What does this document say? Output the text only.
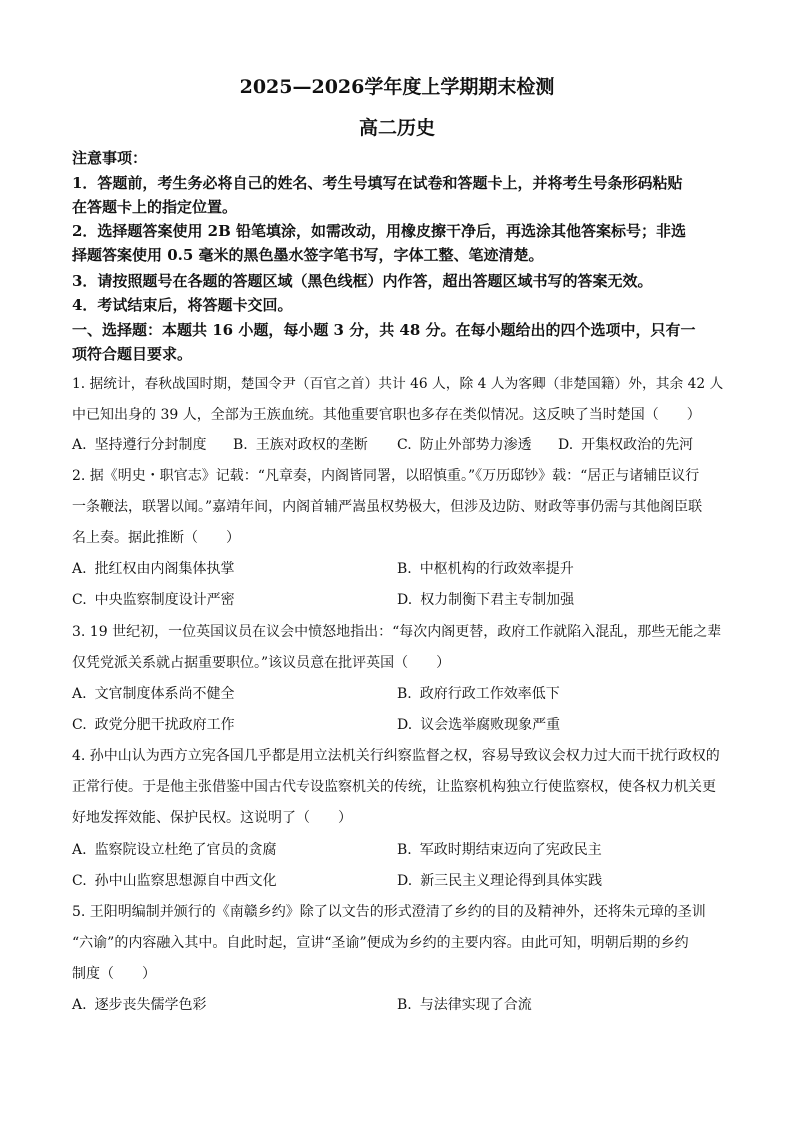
2025—2026学年度上学期期末检测
高二历史
注意事项：
1．答题前，考生务必将自己的姓名、考生号填写在试卷和答题卡上，并将考生号条形码粘贴
在答题卡上的指定位置。
2．选择题答案使用 2B 铅笔填涂，如需改动，用橡皮擦干净后，再选涂其他答案标号；非选
择题答案使用 0.5 毫米的黑色墨水签字笔书写，字体工整、笔迹清楚。
3．请按照题号在各题的答题区域（黑色线框）内作答，超出答题区域书写的答案无效。
4．考试结束后，将答题卡交回。
一、选择题：本题共 16 小题，每小题 3 分，共 48 分。在每小题给出的四个选项中，只有一
项符合题目要求。
1. 据统计，春秋战国时期，楚国令尹（百官之首）共计 46 人，除 4 人为客卿（非楚国籍）外，其余 42 人
中已知出身的 39 人，全部为王族血统。其他重要官职也多存在类似情况。这反映了当时楚国（　　）
A. 坚持遵行分封制度 B. 王族对政权的垄断 C. 防止外部势力渗透 D. 开集权政治的先河
2. 据《明史・职官志》记载：“凡章奏，内阁皆同署，以昭慎重。”《万历邸钞》载：“居正与诸辅臣议行
一条鞭法，联署以闻。”嘉靖年间，内阁首辅严嵩虽权势极大，但涉及边防、财政等事仍需与其他阁臣联
名上奏。据此推断（　　）
A. 批红权由内阁集体执掌	B. 中枢机构的行政效率提升
C. 中央监察制度设计严密	D. 权力制衡下君主专制加强
3. 19 世纪初，一位英国议员在议会中愤怒地指出：“每次内阁更替，政府工作就陷入混乱，那些无能之辈
仅凭党派关系就占据重要职位。”该议员意在批评英国（　　）
A. 文官制度体系尚不健全	B. 政府行政工作效率低下
C. 政党分肥干扰政府工作	D. 议会选举腐败现象严重
4. 孙中山认为西方立宪各国几乎都是用立法机关行纠察监督之权，容易导致议会权力过大而干扰行政权的
正常行使。于是他主张借鉴中国古代专设监察机关的传统，让监察机构独立行使监察权，使各权力机关更
好地发挥效能、保护民权。这说明了（　　）
A. 监察院设立杜绝了官员的贪腐	B. 军政时期结束迈向了宪政民主
C. 孙中山监察思想源自中西文化	D. 新三民主义理论得到具体实践
5. 王阳明编制并颁行的《南赣乡约》除了以文告的形式澄清了乡约的目的及精神外，还将朱元璋的圣训
“六谕”的内容融入其中。自此时起，宣讲“圣谕”便成为乡约的主要内容。由此可知，明朝后期的乡约
制度（　　）
A. 逐步丧失儒学色彩	B. 与法律实现了合流
